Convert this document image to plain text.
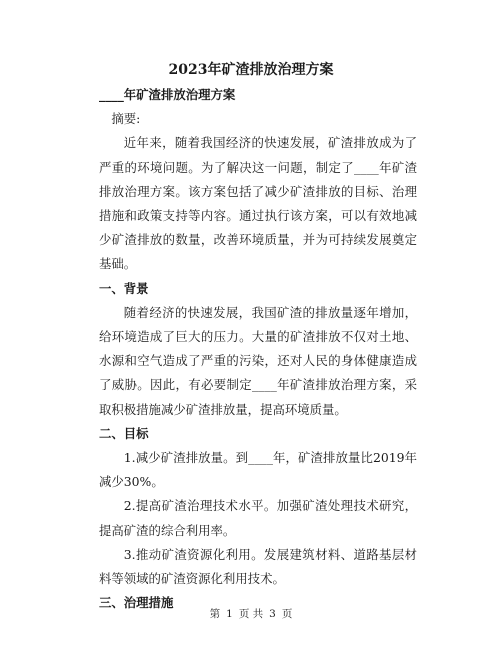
2023年矿渣排放治理方案

____年矿渣排放治理方案

摘要:

近年来，随着我国经济的快速发展，矿渣排放成为了严重的环境问题。为了解决这一问题，制定了____年矿渣排放治理方案。该方案包括了减少矿渣排放的目标、治理措施和政策支持等内容。通过执行该方案，可以有效地减少矿渣排放的数量，改善环境质量，并为可持续发展奠定基础。

一、背景

随着经济的快速发展，我国矿渣的排放量逐年增加，给环境造成了巨大的压力。大量的矿渣排放不仅对土地、水源和空气造成了严重的污染，还对人民的身体健康造成了威胁。因此，有必要制定____年矿渣排放治理方案，采取积极措施减少矿渣排放量，提高环境质量。

二、目标

1.减少矿渣排放量。到____年，矿渣排放量比2019年减少30%。

2.提高矿渣治理技术水平。加强矿渣处理技术研究，提高矿渣的综合利用率。

3.推动矿渣资源化利用。发展建筑材料、道路基层材料等领域的矿渣资源化利用技术。

三、治理措施

第 1 页 共 3 页
